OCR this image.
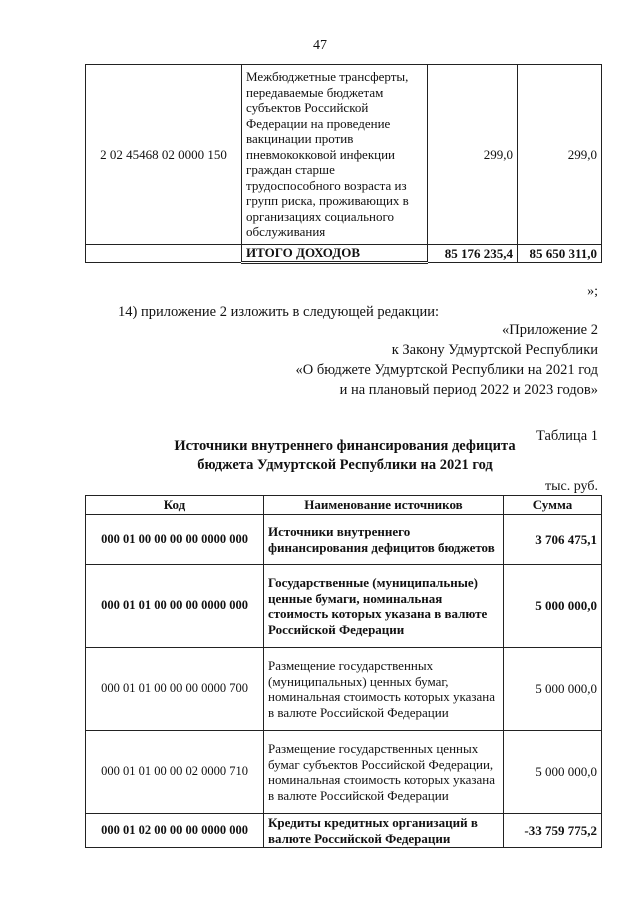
47
2 02 45468 02 0000 150	Межбюджетные трансферты, передаваемые бюджетам субъектов Российской Федерации на проведение вакцинации против пневмококковой инфекции граждан старше трудоспособного возраста из групп риска, проживающих в организациях социального обслуживания	299,0	299,0
	ИТОГО ДОХОДОВ	85 176 235,4	85 650 311,0
»;
14) приложение 2 изложить в следующей редакции:
«Приложение 2
к Закону Удмуртской Республики
«О бюджете Удмуртской Республики на 2021 год
и на плановый период 2022 и 2023 годов»
Таблица 1
Источники внутреннего финансирования дефицита
бюджета Удмуртской Республики на 2021 год
тыс. руб.
Код	Наименование источников	Сумма
000 01 00 00 00 00 0000 000	Источники внутреннего финансирования дефицитов бюджетов	3 706 475,1
000 01 01 00 00 00 0000 000	Государственные (муниципальные) ценные бумаги, номинальная стоимость которых указана в валюте Российской Федерации	5 000 000,0
000 01 01 00 00 00 0000 700	Размещение государственных (муниципальных) ценных бумаг, номинальная стоимость которых указана в валюте Российской Федерации	5 000 000,0
000 01 01 00 00 02 0000 710	Размещение государственных ценных бумаг субъектов Российской Федерации, номинальная стоимость которых указана в валюте Российской Федерации	5 000 000,0
000 01 02 00 00 00 0000 000	Кредиты кредитных организаций в валюте Российской Федерации	-33 759 775,2
